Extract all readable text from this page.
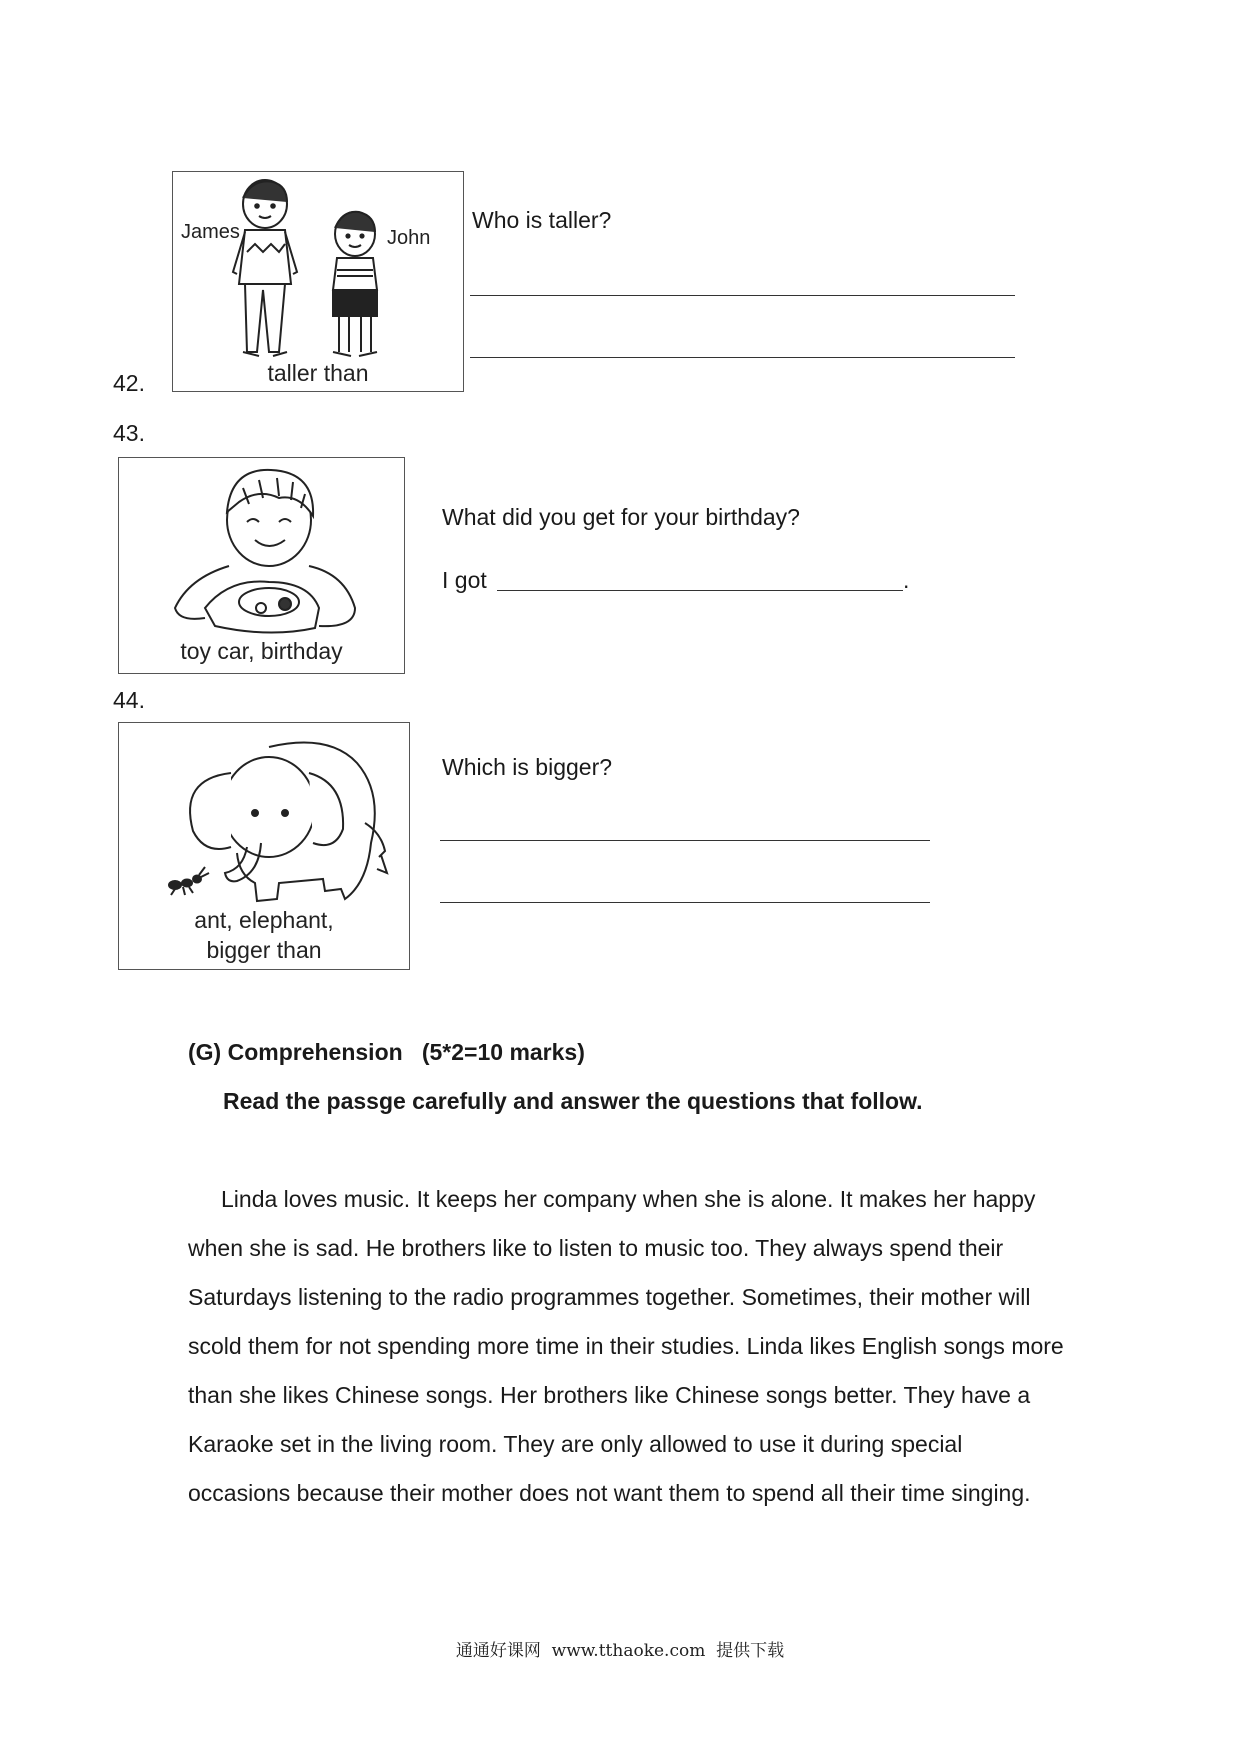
42.
James	John
taller than
Who is taller?
43.
toy car, birthday
What did you get for your birthday?
I got	.
44.
ant, elephant,
bigger than
Which is bigger?
(G) Comprehension   (5*2=10 marks)
Read the passge carefully and answer the questions that follow.

Linda loves music. It keeps her company when she is alone. It makes her happy when she is sad. He brothers like to listen to music too. They always spend their Saturdays listening to the radio programmes together. Sometimes, their mother will scold them for not spending more time in their studies. Linda likes English songs more than she likes Chinese songs. Her brothers like Chinese songs better. They have a Karaoke set in the living room. They are only allowed to use it during special occasions because their mother does not want them to spend all their time singing.

通通好课网  www.tthaoke.com  提供下载
